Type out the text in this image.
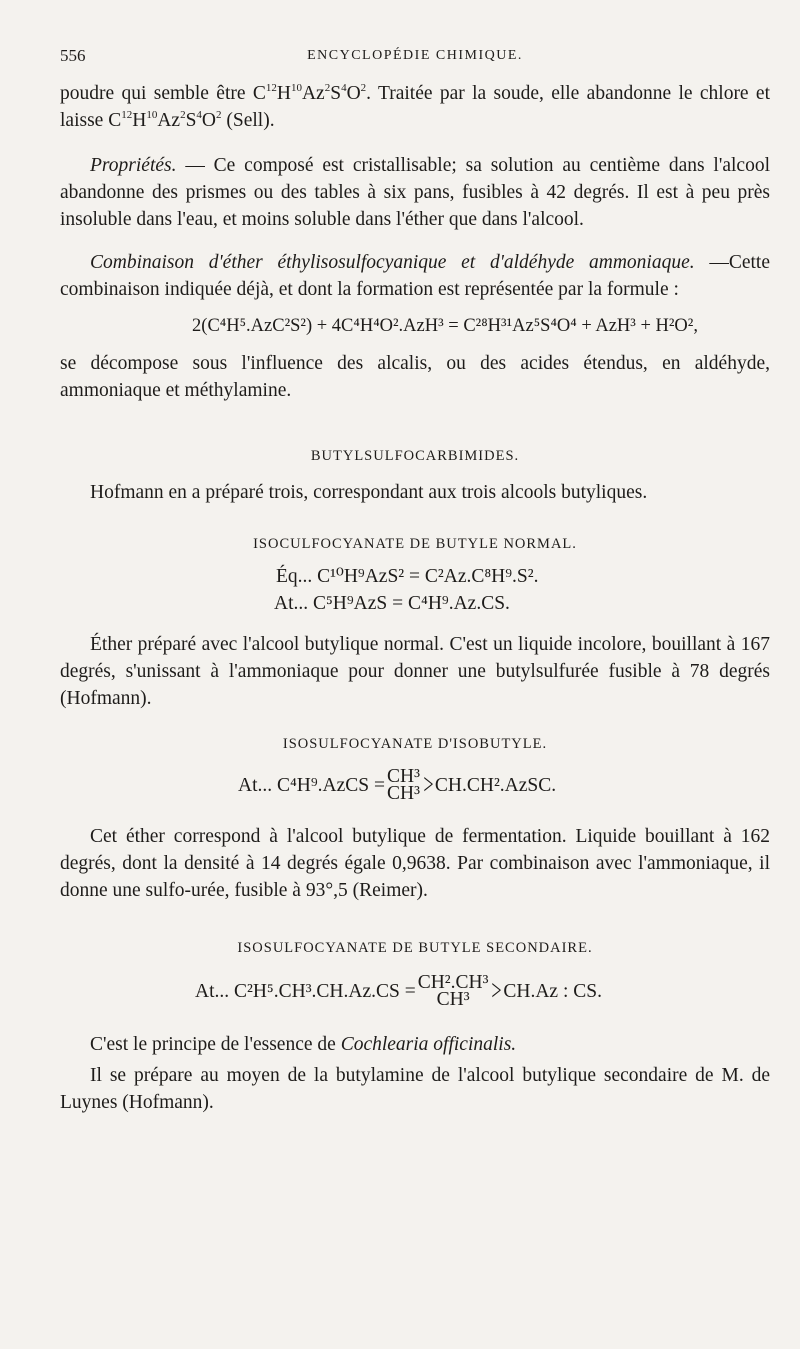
556	ENCYCLOPÉDIE CHIMIQUE.

poudre qui semble être $C^{12}H^{10}Az^2S^4O^2$. Traitée par la soude, elle abandonne le chlore et laisse $C^{12}H^{10}Az^2S^4O^2$ (Sell).

Propriétés. — Ce composé est cristallisable; sa solution au centième dans l'alcool abandonne des prismes ou des tables à six pans, fusibles à 42 degrés. Il est à peu près insoluble dans l'eau, et moins soluble dans l'éther que dans l'alcool.

Combinaison d'éther éthylisosulfocyanique et d'aldéhyde ammoniaque. —Cette combinaison indiquée déjà, et dont la formation est représentée par la formule :

2(C⁴H⁵.AzC²S²) + 4C⁴H⁴O².AzH³ = C²⁸H³¹Az⁵S⁴O⁴ + AzH³ + H²O²,

se décompose sous l'influence des alcalis, ou des acides étendus, en aldéhyde, ammoniaque et méthylamine.

BUTYLSULFOCARBIMIDES.

Hofmann en a préparé trois, correspondant aux trois alcools butyliques.

ISOCULFOCYANATE DE BUTYLE NORMAL.
Éq... C¹⁰H⁹AzS² = C²Az.C⁸H⁹.S².
At... C⁵H⁹AzS = C⁴H⁹.Az.CS.

Éther préparé avec l'alcool butylique normal. C'est un liquide incolore, bouillant à 167 degrés, s'unissant à l'ammoniaque pour donner une butylsulfurée fusible à 78 degrés (Hofmann).

ISOSULFOCYANATE D'ISOBUTYLE.
At... C⁴H⁹.AzCS = CH³
CH³ > CH.CH².AzSC.

Cet éther correspond à l'alcool butylique de fermentation. Liquide bouillant à 162 degrés, dont la densité à 14 degrés égale 0,9638. Par combinaison avec l'ammoniaque, il donne une sulfo-urée, fusible à 93°,5 (Reimer).

ISOSULFOCYANATE DE BUTYLE SECONDAIRE.
At... C²H⁵.CH³.CH.Az.CS = CH².CH³
CH³ > CH.Az : CS.

C'est le principe de l'essence de Cochlearia officinalis.

Il se prépare au moyen de la butylamine de l'alcool butylique secondaire de M. de Luynes (Hofmann).
